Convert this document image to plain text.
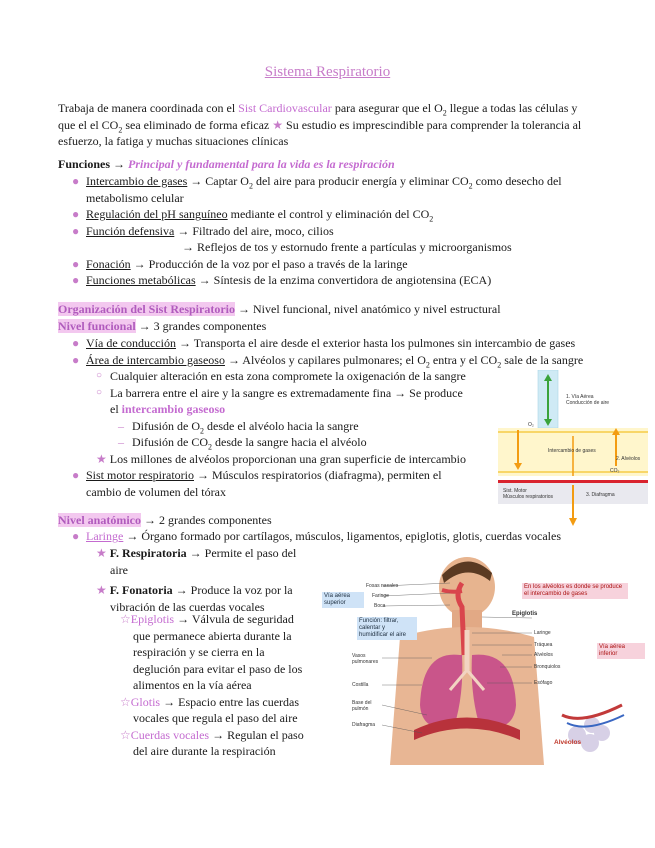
Sistema Respiratorio
Trabaja de manera coordinada con el Sist Cardiovascular para asegurar que el $O_2$ llegue a todas las células y
que el el $CO_2$ sea eliminado de forma eficaz ★ Su estudio es imprescindible para comprender la tolerancia al
esfuerzo, la fatiga y muchas situaciones clínicas
Funciones → Principal y fundamental para la vida es la respiración
● Intercambio de gases → Captar $O_2$ del aire para producir energía y eliminar $CO_2$ como desecho del
metabolismo celular
● Regulación del pH sanguíneo mediante el control y eliminación del $CO_2$
● Función defensiva → Filtrado del aire, moco, cilios
→ Reflejos de tos y estornudo frente a partículas y microorganismos
● Fonación → Producción de la voz por el paso a través de la laringe
● Funciones metabólicas → Síntesis de la enzima convertidora de angiotensina (ECA)
Organización del Sist Respiratorio → Nivel funcional, nivel anatómico y nivel estructural
Nivel funcional → 3 grandes componentes
● Vía de conducción → Transporta el aire desde el exterior hasta los pulmones sin intercambio de gases
● Área de intercambio gaseoso → Alvéolos y capilares pulmonares; el $O_2$ entra y el $CO_2$ sale de la sangre
○ Cualquier alteración en esta zona compromete la oxigenación de la sangre
○ La barrera entre el aire y la sangre es extremadamente fina → Se produce
el intercambio gaseoso
– Difusión de $O_2$ desde el alvéolo hacia la sangre
– Difusión de $CO_2$ desde la sangre hacia el alvéolo
★ Los millones de alvéolos proporcionan una gran superficie de intercambio
● Sist motor respiratorio → Músculos respiratorios (diafragma), permiten el
cambio de volumen del tórax
Nivel anatómico → 2 grandes componentes
● Laringe → Órgano formado por cartílagos, músculos, ligamentos, epiglotis, glotis, cuerdas vocales
★ F. Respiratoria → Permite el paso del
aire
★ F. Fonatoria → Produce la voz por la
vibración de las cuerdas vocales
☆Epiglotis → Válvula de seguridad
que permanece abierta durante la
respiración y se cierra en la
deglución para evitar el paso de los
alimentos en la vía aérea
☆Glotis → Espacio entre las cuerdas
vocales que regula el paso del aire
☆Cuerdas vocales → Regulan el paso
del aire durante la respiración
1. Vía Aérea
Conducción de aire
O₂
Intercambio de gases
2. Alvéolos
CO₂
Sist. Motor
Músculos respiratorios	3. Diafragma
Vía aérea superior
Función: filtrar, calentar y humidificar el aire
Fosas nasales
Faringe
Boca
En los alvéolos es donde se produce el intercambio de gases
Epiglotis
Laringe
Tráquea
Alvéolos
Bronquiolos
Esófago
Vía aérea inferior
Vasos pulmonares
Costilla
Base del pulmón
Diafragma
Alvéolos
